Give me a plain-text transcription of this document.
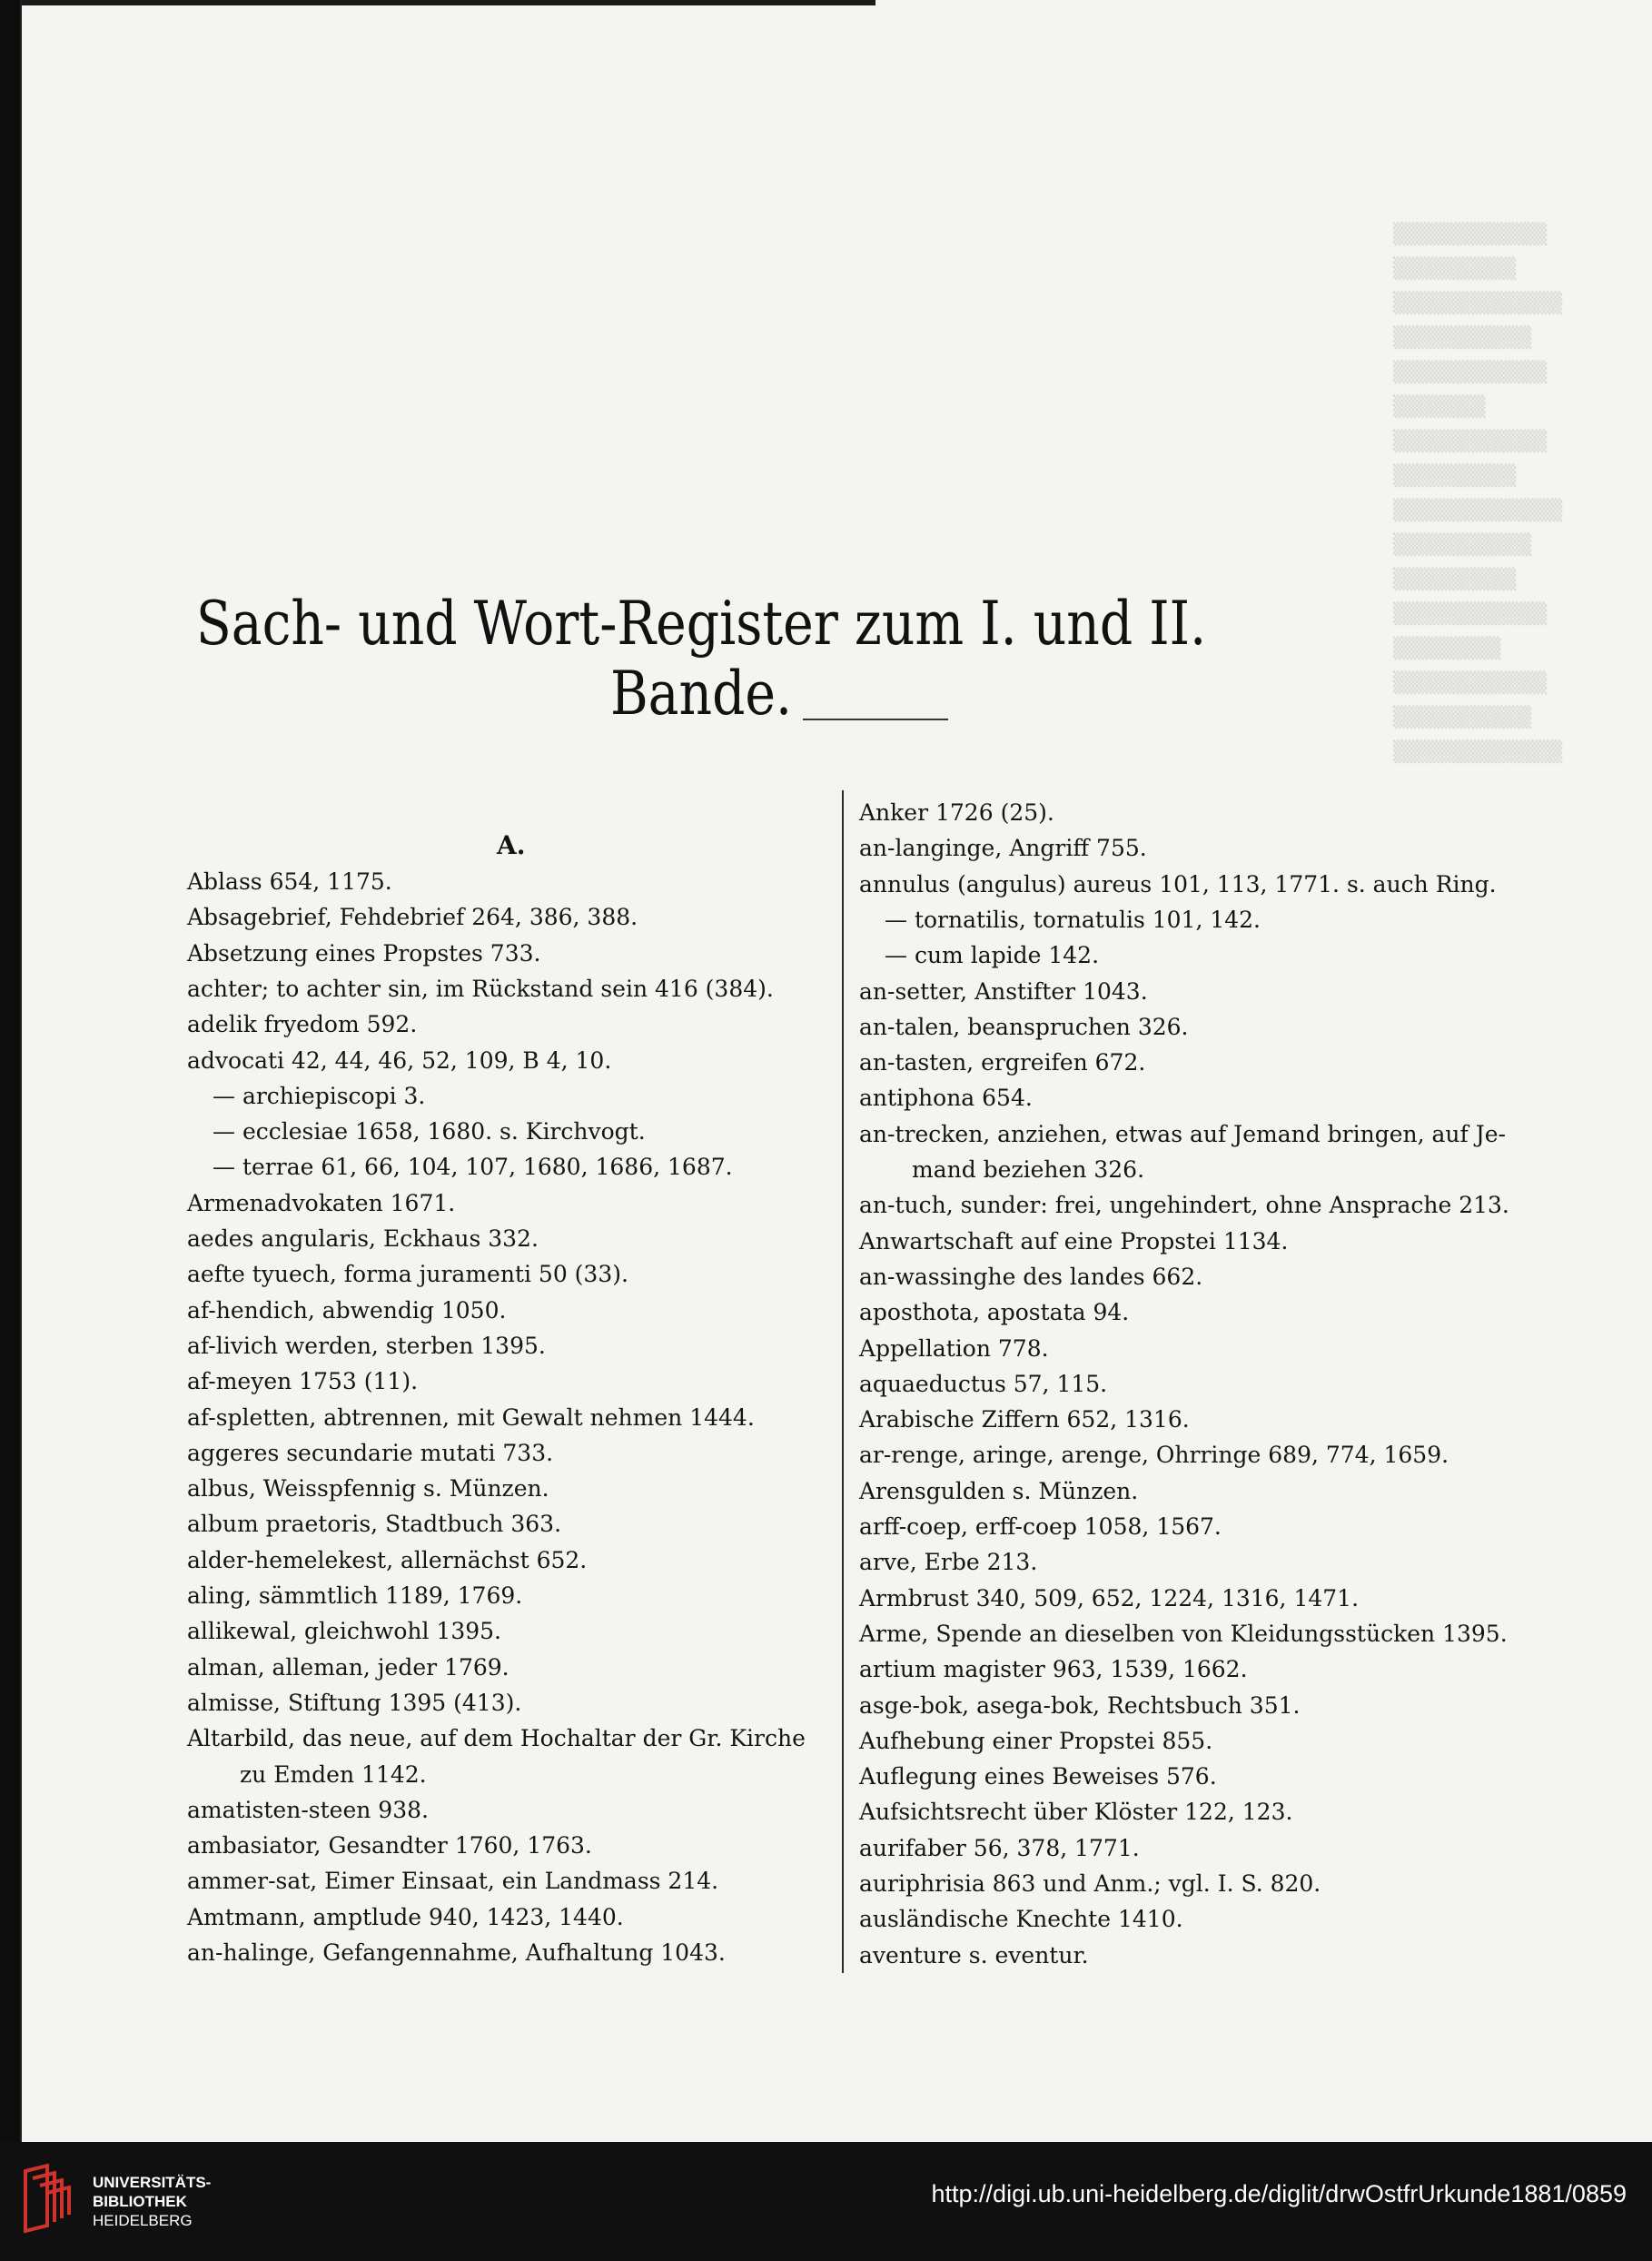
▒▒▒▒▒▒▒▒▒▒
▒▒▒▒▒▒▒▒
▒▒▒▒▒▒▒▒▒▒▒
▒▒▒▒▒▒▒▒▒
▒▒▒▒▒▒▒▒▒▒
▒▒▒▒▒▒
▒▒▒▒▒▒▒▒▒▒
▒▒▒▒▒▒▒▒
▒▒▒▒▒▒▒▒▒▒▒
▒▒▒▒▒▒▒▒▒
▒▒▒▒▒▒▒▒
▒▒▒▒▒▒▒▒▒▒
▒▒▒▒▒▒▒
▒▒▒▒▒▒▒▒▒▒
▒▒▒▒▒▒▒▒▒
▒▒▒▒▒▒▒▒▒▒▒
Sach- und Wort-Register zum I. und II. Bande.
A.
Ablass 654, 1175.
Absagebrief, Fehdebrief 264, 386, 388.
Absetzung eines Propstes 733.
achter; to achter sin, im Rückstand sein 416 (384).
adelik fryedom 592.
advocati 42, 44, 46, 52, 109, B 4, 10.
— archiepiscopi 3.
— ecclesiae 1658, 1680. s. Kirchvogt.
— terrae 61, 66, 104, 107, 1680, 1686, 1687.
Armenadvokaten 1671.
aedes angularis, Eckhaus 332.
aefte tyuech, forma juramenti 50 (33).
af-hendich, abwendig 1050.
af-livich werden, sterben 1395.
af-meyen 1753 (11).
af-spletten, abtrennen, mit Gewalt nehmen 1444.
aggeres secundarie mutati 733.
albus, Weisspfennig s. Münzen.
album praetoris, Stadtbuch 363.
alder-hemelekest, allernächst 652.
aling, sämmtlich 1189, 1769.
allikewal, gleichwohl 1395.
alman, alleman, jeder 1769.
almisse, Stiftung 1395 (413).
Altarbild, das neue, auf dem Hochaltar der Gr. Kirche
zu Emden 1142.
amatisten-steen 938.
ambasiator, Gesandter 1760, 1763.
ammer-sat, Eimer Einsaat, ein Landmass 214.
Amtmann, amptlude 940, 1423, 1440.
an-halinge, Gefangennahme, Aufhaltung 1043.
Anker 1726 (25).
an-langinge, Angriff 755.
annulus (angulus) aureus 101, 113, 1771. s. auch Ring.
— tornatilis, tornatulis 101, 142.
— cum lapide 142.
an-setter, Anstifter 1043.
an-talen, beanspruchen 326.
an-tasten, ergreifen 672.
antiphona 654.
an-trecken, anziehen, etwas auf Jemand bringen, auf Je-
mand beziehen 326.
an-tuch, sunder: frei, ungehindert, ohne Ansprache 213.
Anwartschaft auf eine Propstei 1134.
an-wassinghe des landes 662.
aposthota, apostata 94.
Appellation 778.
aquaeductus 57, 115.
Arabische Ziffern 652, 1316.
ar-renge, aringe, arenge, Ohrringe 689, 774, 1659.
Arensgulden s. Münzen.
arff-coep, erff-coep 1058, 1567.
arve, Erbe 213.
Armbrust 340, 509, 652, 1224, 1316, 1471.
Arme, Spende an dieselben von Kleidungsstücken 1395.
artium magister 963, 1539, 1662.
asge-bok, asega-bok, Rechtsbuch 351.
Aufhebung einer Propstei 855.
Auflegung eines Beweises 576.
Aufsichtsrecht über Klöster 122, 123.
aurifaber 56, 378, 1771.
auriphrisia 863 und Anm.; vgl. I. S. 820.
ausländische Knechte 1410.
aventure s. eventur.
UNIVERSITÄTS-
BIBLIOTHEK
HEIDELBERG
http://digi.ub.uni-heidelberg.de/diglit/drwOstfrUrkunde1881/0859
